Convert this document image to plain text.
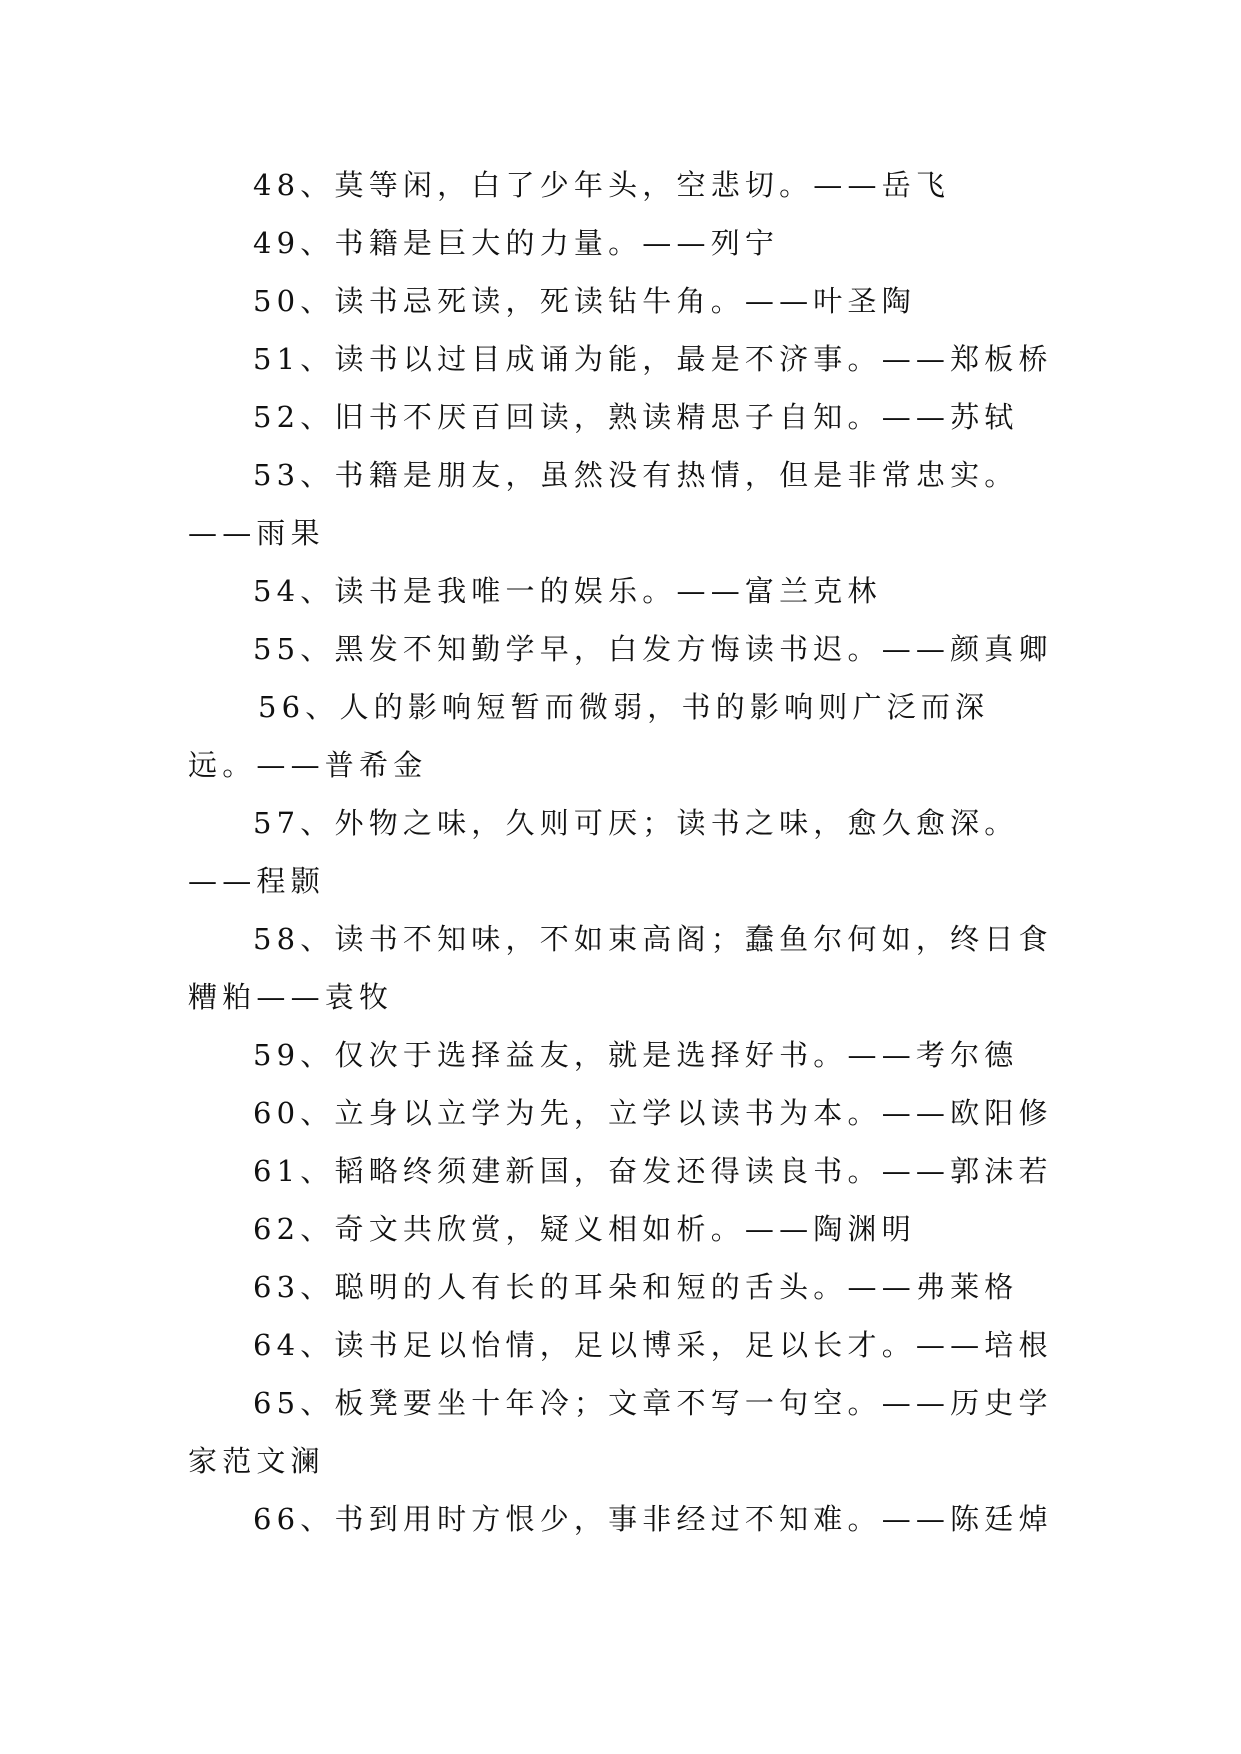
48、莫等闲，白了少年头，空悲切。——岳飞

49、书籍是巨大的力量。——列宁

50、读书忌死读，死读钻牛角。——叶圣陶

51、读书以过目成诵为能，最是不济事。——郑板桥

52、旧书不厌百回读，熟读精思子自知。——苏轼

53、书籍是朋友，虽然没有热情，但是非常忠实。——雨果

54、读书是我唯一的娱乐。——富兰克林

55、黑发不知勤学早，白发方悔读书迟。——颜真卿

56、人的影响短暂而微弱，书的影响则广泛而深远。——普希金

57、外物之味，久则可厌；读书之味，愈久愈深。——程颢

58、读书不知味，不如束高阁；蠢鱼尔何如，终日食糟粕——袁牧

59、仅次于选择益友，就是选择好书。——考尔德

60、立身以立学为先，立学以读书为本。——欧阳修

61、韬略终须建新国，奋发还得读良书。——郭沫若

62、奇文共欣赏，疑义相如析。——陶渊明

63、聪明的人有长的耳朵和短的舌头。——弗莱格

64、读书足以怡情，足以博采，足以长才。——培根

65、板凳要坐十年冷；文章不写一句空。——历史学家范文澜

66、书到用时方恨少，事非经过不知难。——陈廷焯
